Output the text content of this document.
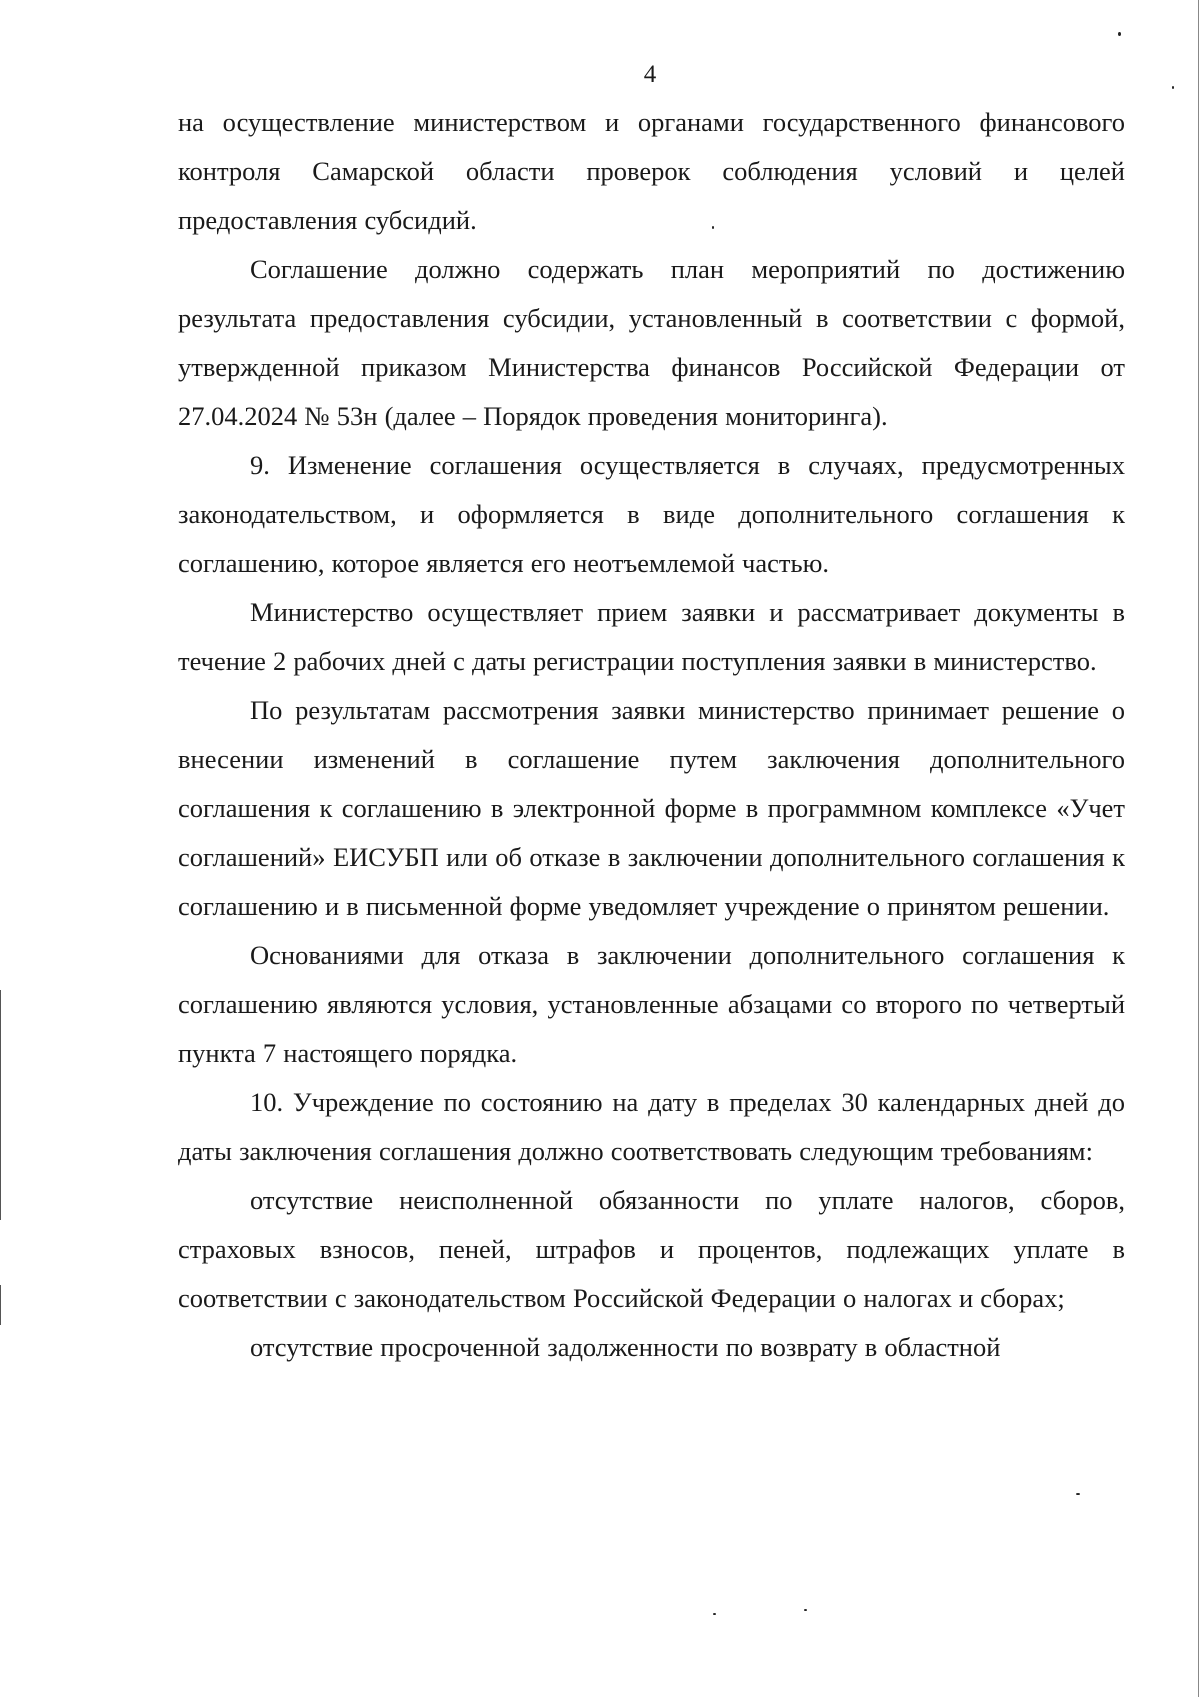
4

на осуществление министерством и органами государственного финансового контроля Самарской области проверок соблюдения условий и целей предоставления субсидий.

Соглашение должно содержать план мероприятий по достижению результата предоставления субсидии, установленный в соответствии с формой, утвержденной приказом Министерства финансов Российской Федерации от 27.04.2024 № 53н (далее – Порядок проведения мониторинга).

9. Изменение соглашения осуществляется в случаях, предусмотренных законодательством, и оформляется в виде дополнительного соглашения к соглашению, которое является его неотъемлемой частью.

Министерство осуществляет прием заявки и рассматривает документы в течение 2 рабочих дней с даты регистрации поступления заявки в министерство.

По результатам рассмотрения заявки министерство принимает решение о внесении изменений в соглашение путем заключения дополнительного соглашения к соглашению в электронной форме в программном комплексе «Учет соглашений» ЕИСУБП или об отказе в заключении дополнительного соглашения к соглашению и в письменной форме уведомляет учреждение о принятом решении.

Основаниями для отказа в заключении дополнительного соглашения к соглашению являются условия, установленные абзацами со второго по четвертый пункта 7 настоящего порядка.

10. Учреждение по состоянию на дату в пределах 30 календарных дней до даты заключения соглашения должно соответствовать следующим требованиям:

отсутствие неисполненной обязанности по уплате налогов, сборов, страховых взносов, пеней, штрафов и процентов, подлежащих уплате в соответствии с законодательством Российской Федерации о налогах и сборах;

отсутствие просроченной задолженности по возврату в областной
